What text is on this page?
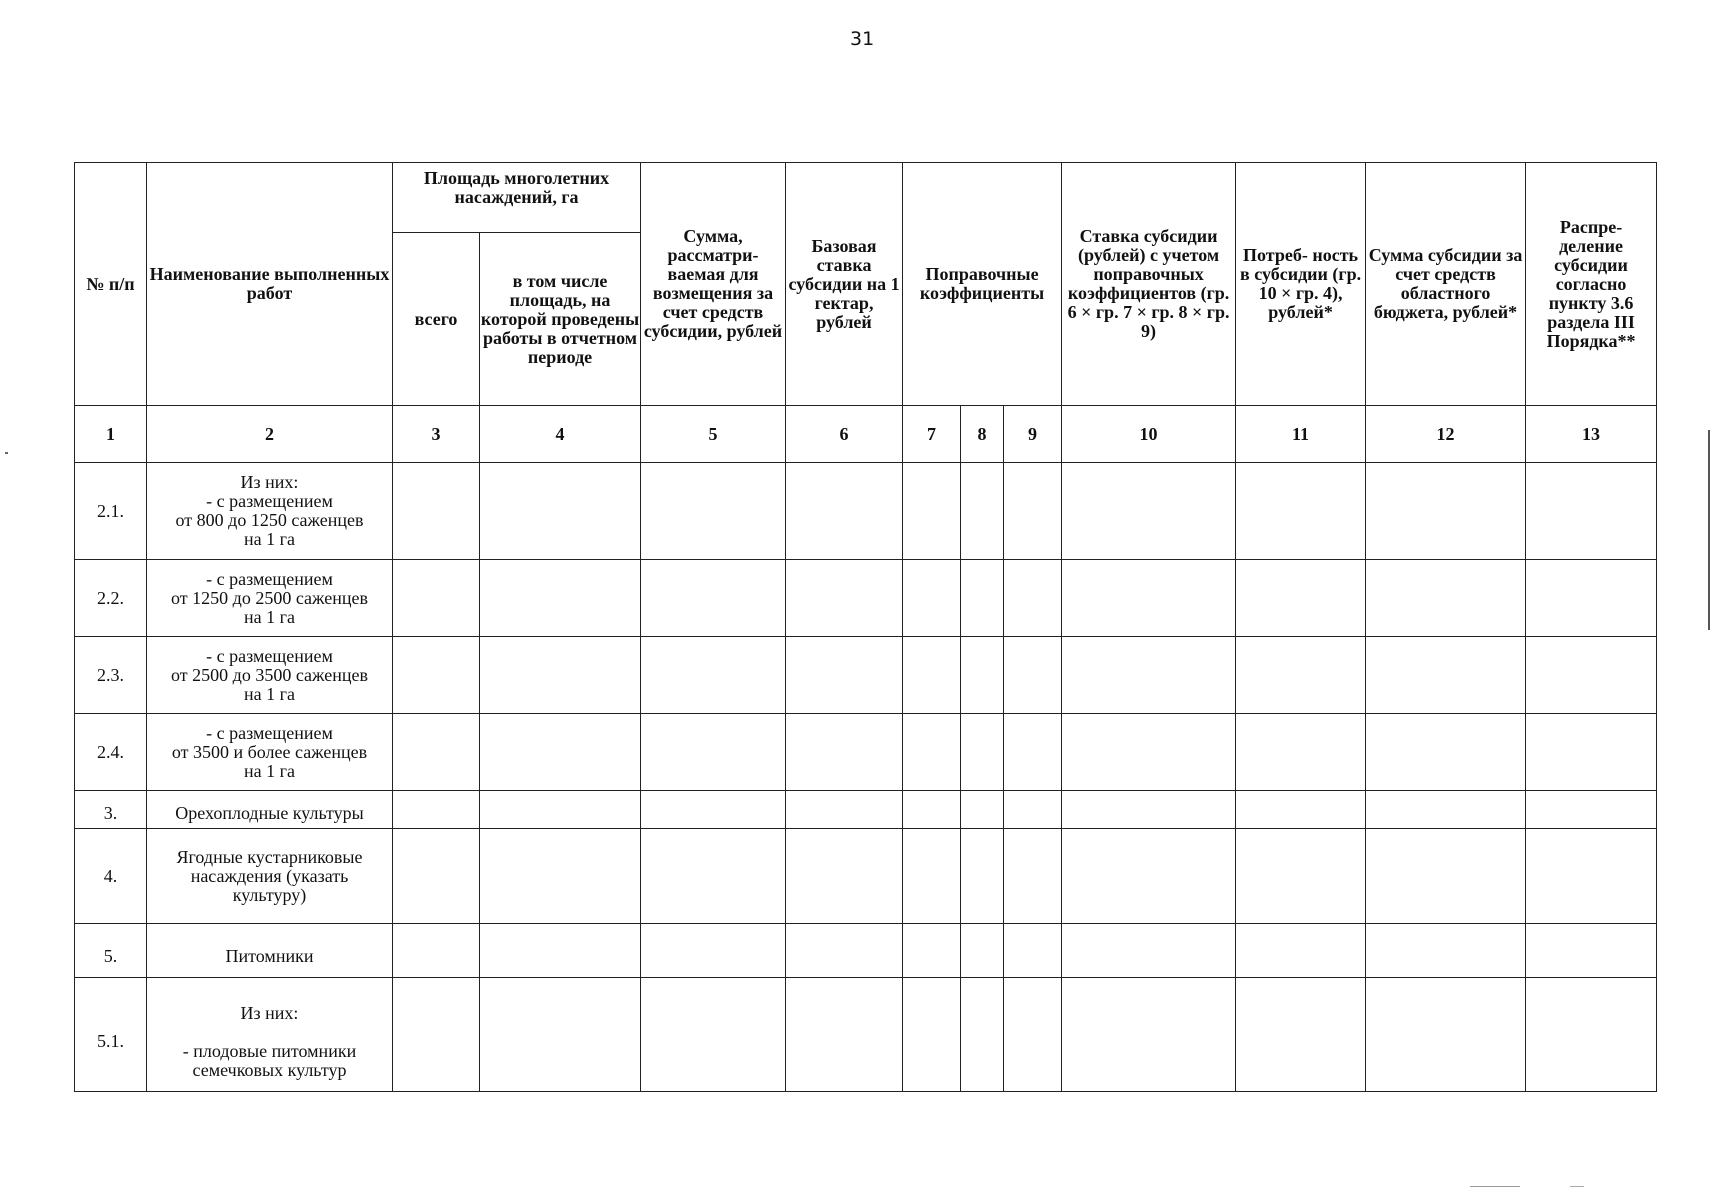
31
№ п/п	Наименование выполненных работ	Площадь многолетних насаждений, га		Сумма, рассматри- ваемая для возмещения за счет средств субсидии, рублей	Базовая ставка субсидии на 1 гектар, рублей	Поправочные коэффициенты			Ставка субсидии (рублей) с учетом поправочных коэффициентов (гр. 6 × гр. 7 × гр. 8 × гр. 9)	Потреб- ность в субсидии (гр. 10 × гр. 4), рублей*	Сумма субсидии за счет средств областного бюджета, рублей*	Распре- деление субсидии согласно пункту 3.6 раздела III Порядка**
		всего	в том числе площадь, на которой проведены работы в отчетном периоде									
1	2	3	4	5	6	7	8	9	10	11	12	13
2.1.	Из них:
- с размещением
от 800 до 1250 саженцев
на 1 га											

2.2.	- с размещением
от 1250 до 2500 саженцев
на 1 га											

2.3.	- с размещением
от 2500 до 3500 саженцев
на 1 га											

2.4.	- с размещением
от 3500 и более саженцев
на 1 га											

3.	Орехоплодные культуры											

4.	Ягодные кустарниковые
насаждения (указать
культуру)											

5.	Питомники											

5.1.	Из них:
- плодовые питомники
семечковых культур											
